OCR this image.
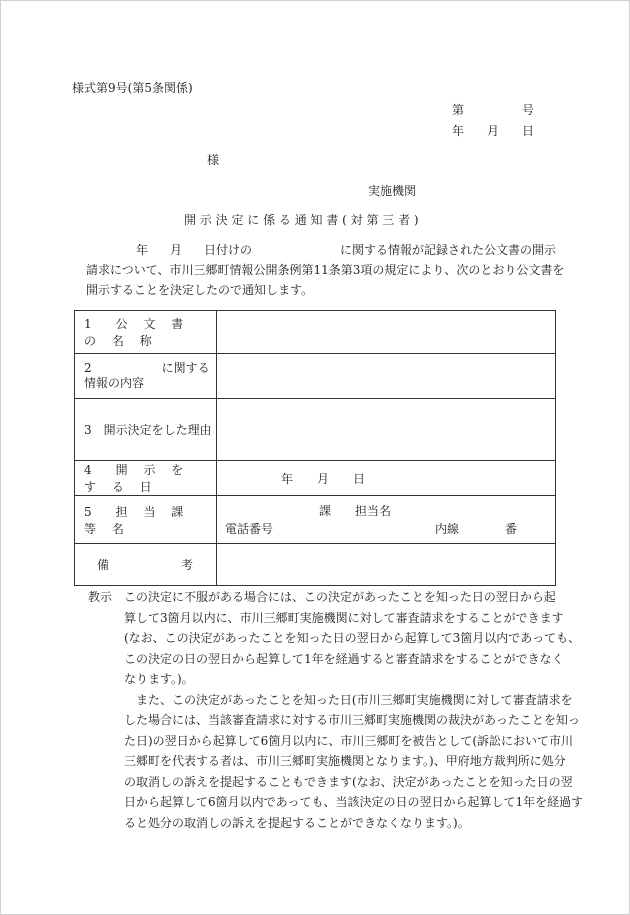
様式第9号(第5条関係)
第	号
年 月 日
様
実施機関
開 示 決 定 に 係 る 通 知 書 ( 対 第 三 者 )
年 月 日付けの	に関する情報が記録された公文書の開示
請求について、市川三郷町情報公開条例第11条第3項の規定により、次のとおり公文書を
開示することを決定したので通知します。
1　公 文 書 の 名 称	

2 に関する
情報の内容	

3　開示決定をした理由	
4　開 示 を す る 日	年 月 日
5　担 当 課 等 名	課 担当名
電話番号 内線 番

備 考	
教示 この決定に不服がある場合には、この決定があったことを知った日の翌日から起
算して3箇月以内に、市川三郷町実施機関に対して審査請求をすることができます
(なお、この決定があったことを知った日の翌日から起算して3箇月以内であっても、
この決定の日の翌日から起算して1年を経過すると審査請求をすることができなく
なります。)。
また、この決定があったことを知った日(市川三郷町実施機関に対して審査請求を
した場合には、当該審査請求に対する市川三郷町実施機関の裁決があったことを知っ
た日)の翌日から起算して6箇月以内に、市川三郷町を被告として(訴訟において市川
三郷町を代表する者は、市川三郷町実施機関となります。)、甲府地方裁判所に処分
の取消しの訴えを提起することもできます(なお、決定があったことを知った日の翌
日から起算して6箇月以内であっても、当該決定の日の翌日から起算して1年を経過す
ると処分の取消しの訴えを提起することができなくなります。)。
